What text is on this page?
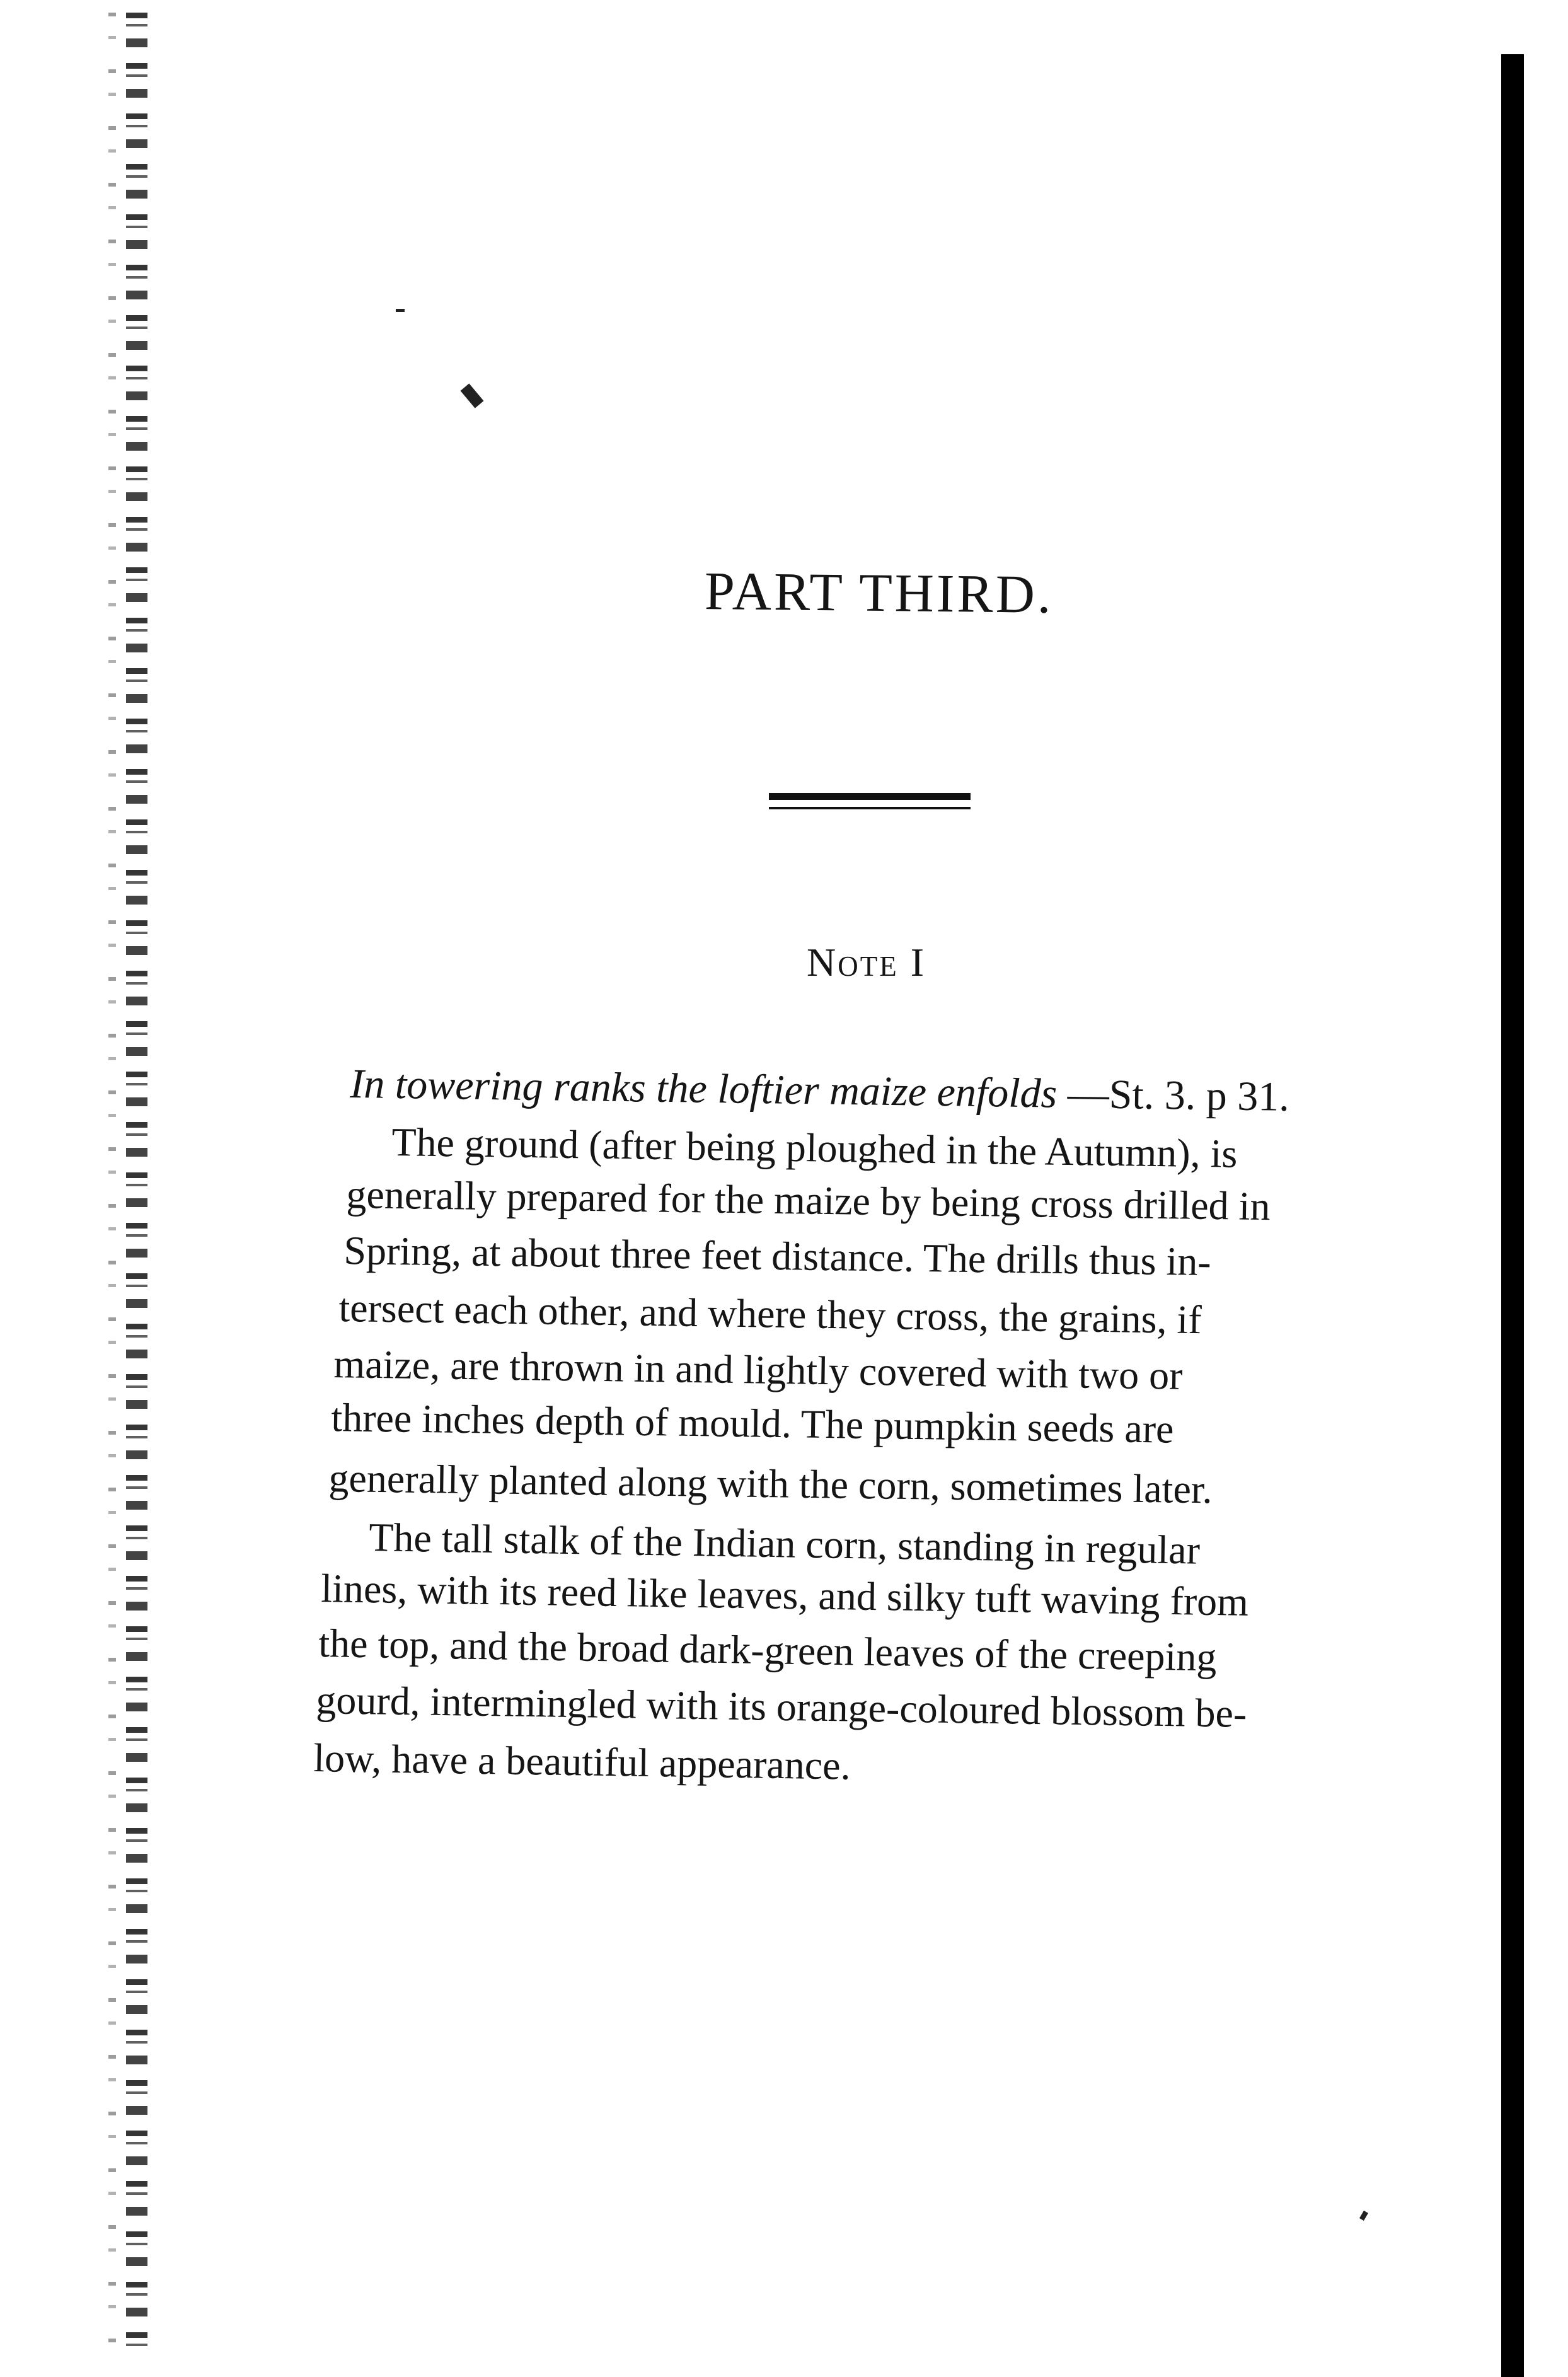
PART THIRD.
Note I
In towering ranks the loftier maize enfolds —St. 3. p 31.
The ground (after being ploughed in the Autumn), is
generally prepared for the maize by being cross drilled in
Spring, at about three feet distance. The drills thus in-
tersect each other, and where they cross, the grains, if
maize, are thrown in and lightly covered with two or
three inches depth of mould. The pumpkin seeds are
generally planted along with the corn, sometimes later.
The tall stalk of the Indian corn, standing in regular
lines, with its reed like leaves, and silky tuft waving from
the top, and the broad dark-green leaves of the creeping
gourd, intermingled with its orange-coloured blossom be-
low, have a beautiful appearance.
